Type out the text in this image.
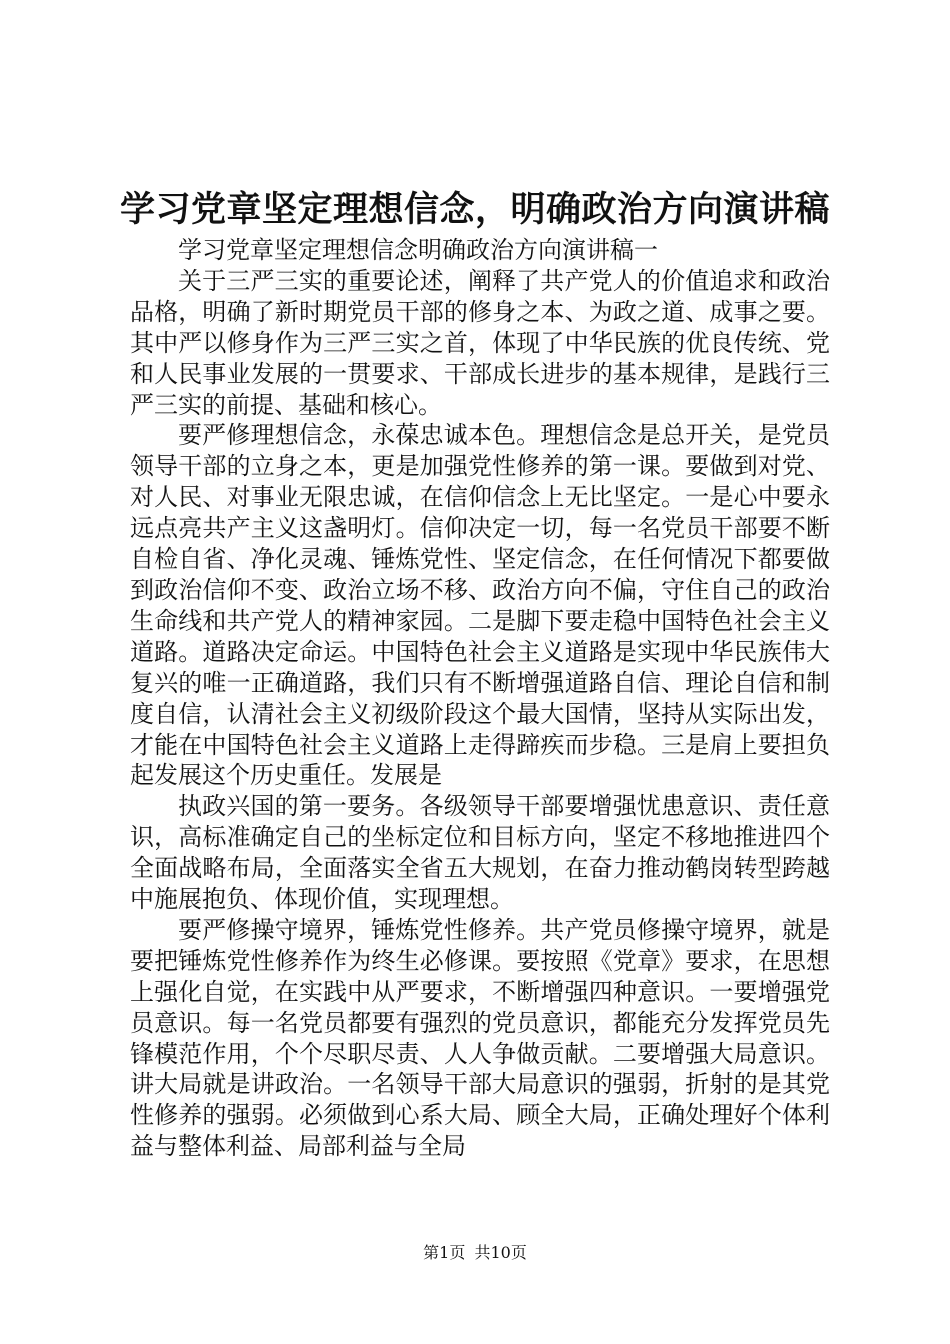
学习党章坚定理想信念，明确政治方向演讲稿

学习党章坚定理想信念明确政治方向演讲稿一

关于三严三实的重要论述，阐释了共产党人的价值追求和政治品格，明确了新时期党员干部的修身之本、为政之道、成事之要。其中严以修身作为三严三实之首，体现了中华民族的优良传统、党和人民事业发展的一贯要求、干部成长进步的基本规律，是践行三严三实的前提、基础和核心。

要严修理想信念，永葆忠诚本色。理想信念是总开关，是党员领导干部的立身之本，更是加强党性修养的第一课。要做到对党、对人民、对事业无限忠诚，在信仰信念上无比坚定。一是心中要永远点亮共产主义这盏明灯。信仰决定一切，每一名党员干部要不断自检自省、净化灵魂、锤炼党性、坚定信念，在任何情况下都要做到政治信仰不变、政治立场不移、政治方向不偏，守住自己的政治生命线和共产党人的精神家园。二是脚下要走稳中国特色社会主义道路。道路决定命运。中国特色社会主义道路是实现中华民族伟大复兴的唯一正确道路，我们只有不断增强道路自信、理论自信和制度自信，认清社会主义初级阶段这个最大国情，坚持从实际出发，才能在中国特色社会主义道路上走得蹄疾而步稳。三是肩上要担负起发展这个历史重任。发展是

执政兴国的第一要务。各级领导干部要增强忧患意识、责任意识，高标准确定自己的坐标定位和目标方向，坚定不移地推进四个全面战略布局，全面落实全省五大规划，在奋力推动鹤岗转型跨越中施展抱负、体现价值，实现理想。

要严修操守境界，锤炼党性修养。共产党员修操守境界，就是要把锤炼党性修养作为终生必修课。要按照《党章》要求，在思想上强化自觉，在实践中从严要求，不断增强四种意识。一要增强党员意识。每一名党员都要有强烈的党员意识，都能充分发挥党员先锋模范作用，个个尽职尽责、人人争做贡献。二要增强大局意识。讲大局就是讲政治。一名领导干部大局意识的强弱，折射的是其党性修养的强弱。必须做到心系大局、顾全大局，正确处理好个体利益与整体利益、局部利益与全局

第1页 共10页
